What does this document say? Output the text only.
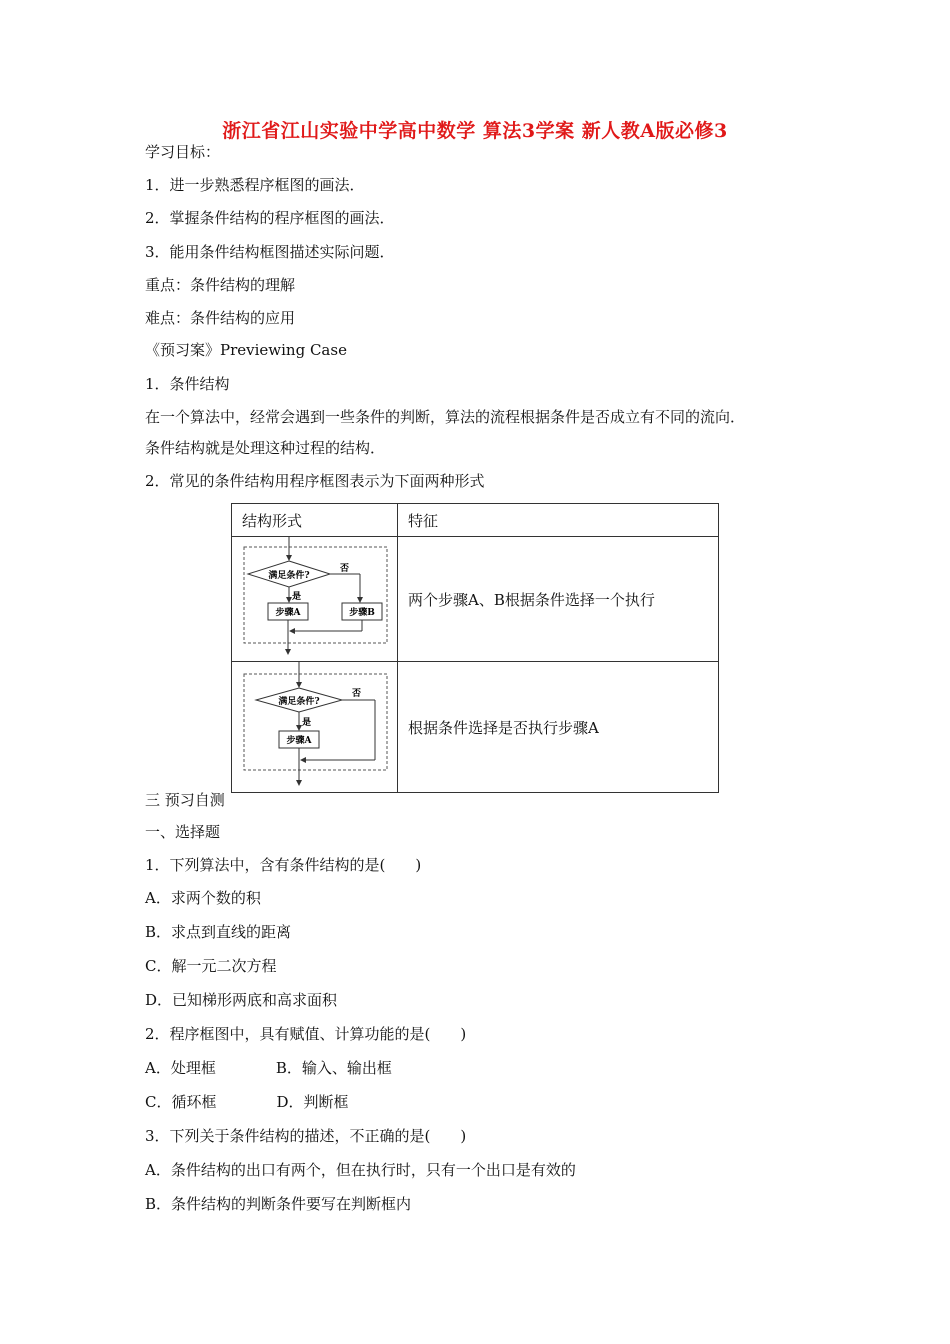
浙江省江山实验中学高中数学 算法3学案 新人教A版必修3
学习目标：
1．进一步熟悉程序框图的画法．
2．掌握条件结构的程序框图的画法．
3．能用条件结构框图描述实际问题．
重点：条件结构的理解
难点：条件结构的应用
《预习案》Previewing Case
1．条件结构
在一个算法中，经常会遇到一些条件的判断，算法的流程根据条件是否成立有不同的流向．
条件结构就是处理这种过程的结构．
2．常见的条件结构用程序框图表示为下面两种形式
结构形式	特征

满足条件?
否
是
步骤A 步骤B	两个步骤A、B根据条件选择一个执行

满足条件?
否
是
步骤A	根据条件选择是否执行步骤A
三 预习自测
一、选择题
1．下列算法中，含有条件结构的是(　　)
A．求两个数的积
B．求点到直线的距离
C．解一元二次方程
D．已知梯形两底和高求面积
2．程序框图中，具有赋值、计算功能的是(　　)
A．处理框　　　　B．输入、输出框
C．循环框　　　　D．判断框
3．下列关于条件结构的描述，不正确的是(　　)
A．条件结构的出口有两个，但在执行时，只有一个出口是有效的
B．条件结构的判断条件要写在判断框内
